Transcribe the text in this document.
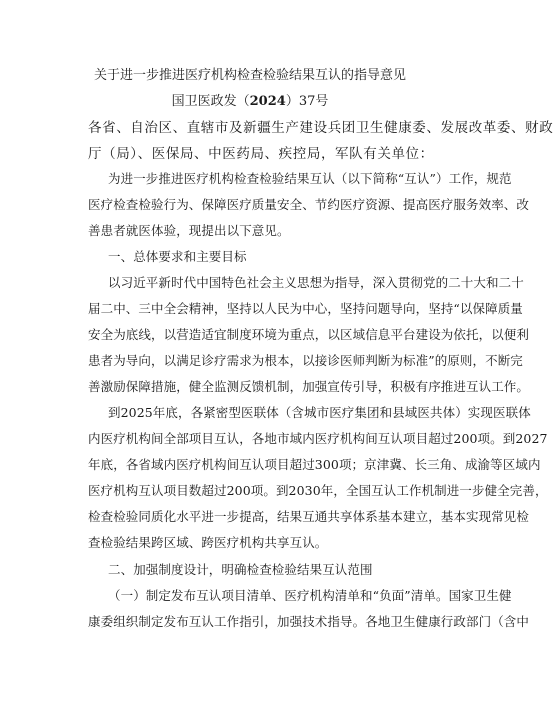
关于进一步推进医疗机构检查检验结果互认的指导意见
国卫医政发（2024）37号
各省、自治区、直辖市及新疆生产建设兵团卫生健康委、发展改革委、财政
厅（局）、医保局、中医药局、疾控局，军队有关单位：
为进一步推进医疗机构检查检验结果互认（以下简称“互认”）工作，规范
医疗检查检验行为、保障医疗质量安全、节约医疗资源、提高医疗服务效率、改
善患者就医体验，现提出以下意见。
一、总体要求和主要目标
以习近平新时代中国特色社会主义思想为指导，深入贯彻党的二十大和二十
届二中、三中全会精神，坚持以人民为中心，坚持问题导向，坚持“以保障质量
安全为底线，以营造适宜制度环境为重点，以区域信息平台建设为依托，以便利
患者为导向，以满足诊疗需求为根本，以接诊医师判断为标准”的原则，不断完
善激励保障措施，健全监测反馈机制，加强宣传引导，积极有序推进互认工作。
到2025年底，各紧密型医联体（含城市医疗集团和县域医共体）实现医联体
内医疗机构间全部项目互认，各地市域内医疗机构间互认项目超过200项。到2027
年底，各省域内医疗机构间互认项目超过300项；京津冀、长三角、成渝等区域内
医疗机构互认项目数超过200项。到2030年，全国互认工作机制进一步健全完善，
检查检验同质化水平进一步提高，结果互通共享体系基本建立，基本实现常见检
查检验结果跨区域、跨医疗机构共享互认。
二、加强制度设计，明确检查检验结果互认范围
（一）制定发布互认项目清单、医疗机构清单和“负面”清单。国家卫生健
康委组织制定发布互认工作指引，加强技术指导。各地卫生健康行政部门（含中
